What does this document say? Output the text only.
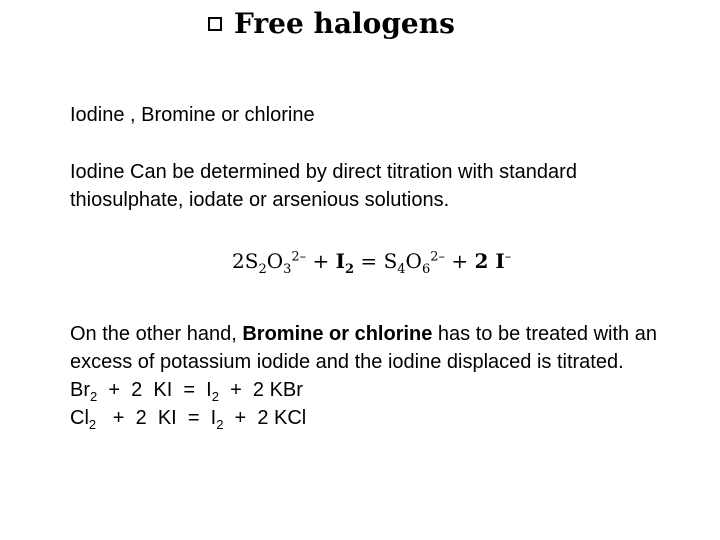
Free halogens
Iodine , Bromine or chlorine
Iodine Can be determined by direct titration with standard thiosulphate, iodate or arsenious solutions.
$2S_2O_3^{2-} + I_2 = S_4O_6^{2-} + 2$ I–
On the other hand, Bromine or chlorine has to be treated with an excess of potassium iodide and the iodine displaced is titrated.
$Br_2 + 2$  KI  =  $I_2 + 2$ KBr
$Cl_2 + 2$  KI  =  $I_2 + 2$ KCl
